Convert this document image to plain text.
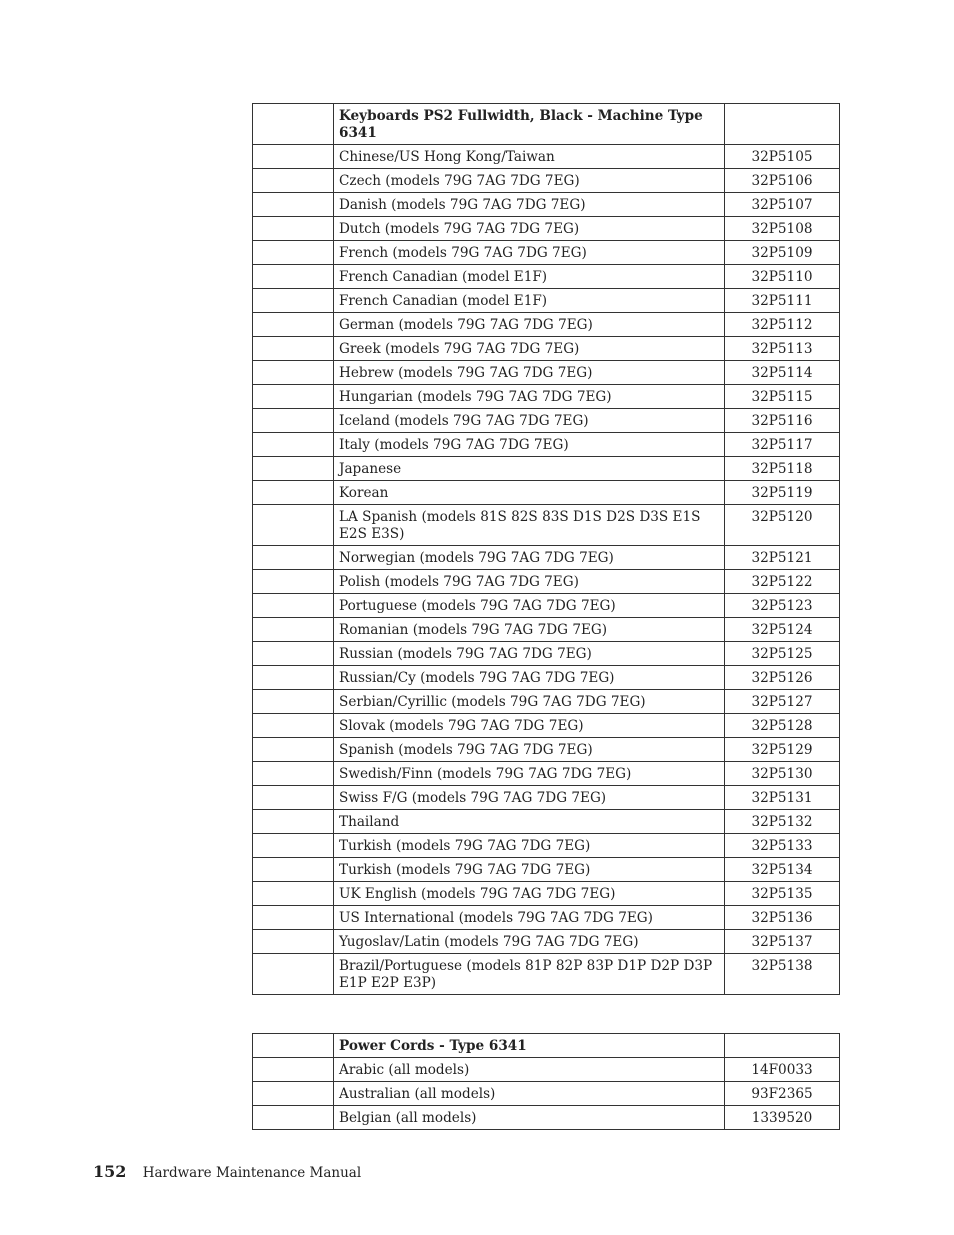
	Keyboards PS2 Fullwidth, Black - Machine Type 6341	
	Chinese/US Hong Kong/Taiwan	32P5105
	Czech (models 79G 7AG 7DG 7EG)	32P5106
	Danish (models 79G 7AG 7DG 7EG)	32P5107
	Dutch (models 79G 7AG 7DG 7EG)	32P5108
	French (models 79G 7AG 7DG 7EG)	32P5109
	French Canadian (model E1F)	32P5110
	French Canadian (model E1F)	32P5111
	German (models 79G 7AG 7DG 7EG)	32P5112
	Greek (models 79G 7AG 7DG 7EG)	32P5113
	Hebrew (models 79G 7AG 7DG 7EG)	32P5114
	Hungarian (models 79G 7AG 7DG 7EG)	32P5115
	Iceland (models 79G 7AG 7DG 7EG)	32P5116
	Italy (models 79G 7AG 7DG 7EG)	32P5117
	Japanese	32P5118
	Korean	32P5119
	LA Spanish (models 81S 82S 83S D1S D2S D3S E1S E2S E3S)	32P5120
	Norwegian (models 79G 7AG 7DG 7EG)	32P5121
	Polish (models 79G 7AG 7DG 7EG)	32P5122
	Portuguese (models 79G 7AG 7DG 7EG)	32P5123
	Romanian (models 79G 7AG 7DG 7EG)	32P5124
	Russian (models 79G 7AG 7DG 7EG)	32P5125
	Russian/Cy (models 79G 7AG 7DG 7EG)	32P5126
	Serbian/Cyrillic (models 79G 7AG 7DG 7EG)	32P5127
	Slovak (models 79G 7AG 7DG 7EG)	32P5128
	Spanish (models 79G 7AG 7DG 7EG)	32P5129
	Swedish/Finn (models 79G 7AG 7DG 7EG)	32P5130
	Swiss F/G (models 79G 7AG 7DG 7EG)	32P5131
	Thailand	32P5132
	Turkish (models 79G 7AG 7DG 7EG)	32P5133
	Turkish (models 79G 7AG 7DG 7EG)	32P5134
	UK English (models 79G 7AG 7DG 7EG)	32P5135
	US International (models 79G 7AG 7DG 7EG)	32P5136
	Yugoslav/Latin (models 79G 7AG 7DG 7EG)	32P5137
	Brazil/Portuguese (models 81P 82P 83P D1P D2P D3P E1P E2P E3P)	32P5138
	Power Cords - Type 6341	
	Arabic (all models)	14F0033
	Australian (all models)	93F2365
	Belgian (all models)	1339520
152 Hardware Maintenance Manual
